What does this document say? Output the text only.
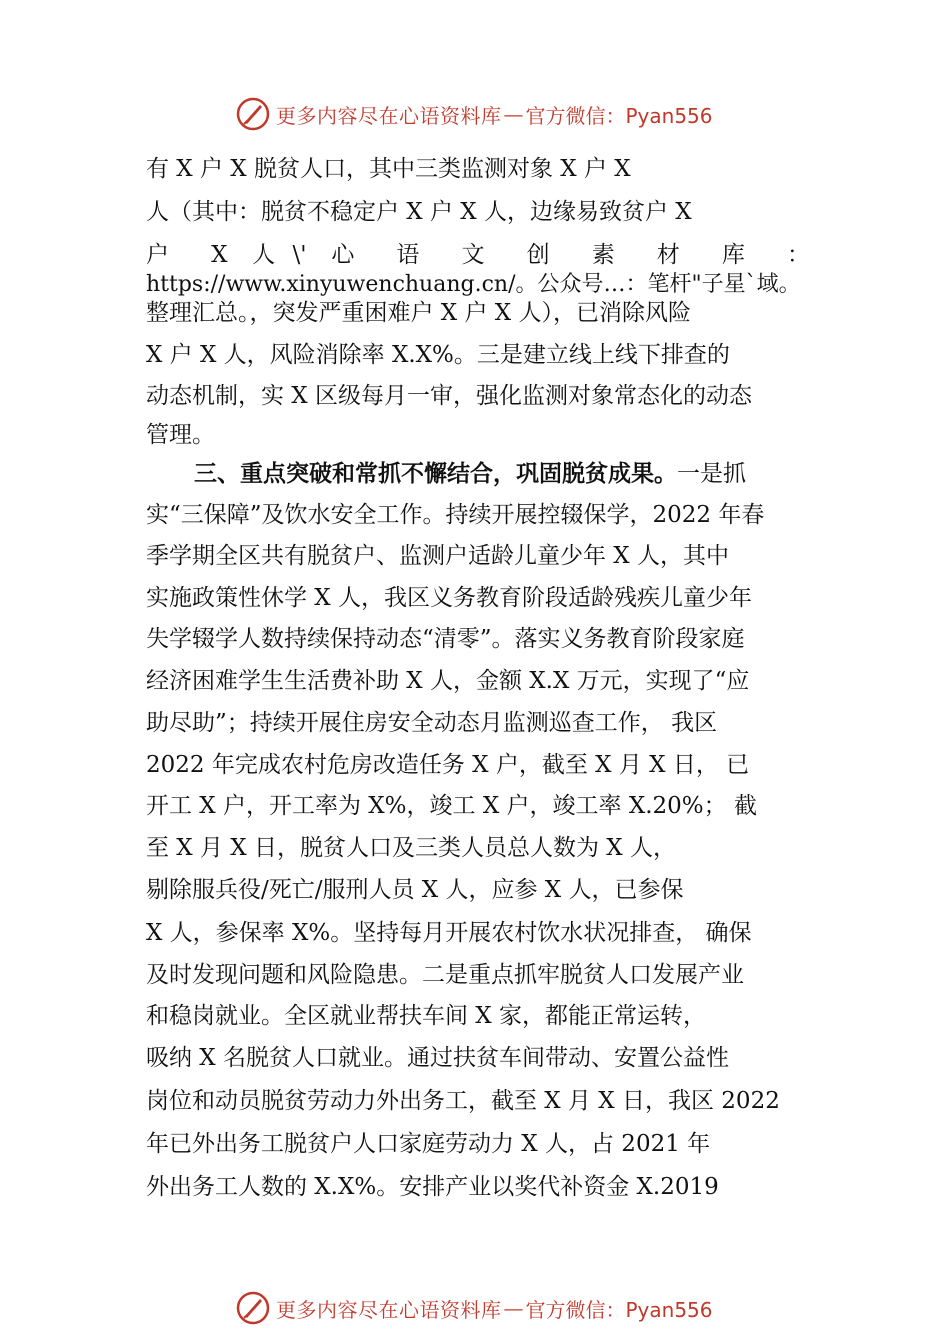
更多内容尽在心语资料库 — 官方微信：Pyan556
有 X 户 X 脱贫人口，其中三类监测对象 X 户 X
人（其中：脱贫不稳定户 X 户 X 人，边缘易致贫户 X
户 X 人\' 心 语 文 创 素 材 库 ：
https://www.xinyuwenchuang.cn/。公众号…：笔杆"子星`域。
整理汇总。，突发严重困难户 X 户 X 人），已消除风险
X 户 X 人，风险消除率 X.X%。三是建立线上线下排查的
动态机制，实 X 区级每月一审，强化监测对象常态化的动态
管理。
三、重点突破和常抓不懈结合，巩固脱贫成果。一是抓
实“三保障”及饮水安全工作。持续开展控辍保学，2022 年春
季学期全区共有脱贫户、监测户适龄儿童少年 X 人，其中
实施政策性休学 X 人，我区义务教育阶段适龄残疾儿童少年
失学辍学人数持续保持动态“清零”。落实义务教育阶段家庭
经济困难学生生活费补助 X 人，金额 X.X 万元，实现了“应
助尽助”；持续开展住房安全动态月监测巡查工作， 我区
2022 年完成农村危房改造任务 X 户，截至 X 月 X 日， 已
开工 X 户，开工率为 X%，竣工 X 户，竣工率 X.20%； 截
至 X 月 X 日，脱贫人口及三类人员总人数为 X 人，
剔除服兵役/死亡/服刑人员 X 人，应参 X 人，已参保
X 人，参保率 X%。坚持每月开展农村饮水状况排查， 确保
及时发现问题和风险隐患。二是重点抓牢脱贫人口发展产业
和稳岗就业。全区就业帮扶车间 X 家，都能正常运转，
吸纳 X 名脱贫人口就业。通过扶贫车间带动、安置公益性
岗位和动员脱贫劳动力外出务工，截至 X 月 X 日，我区 2022
年已外出务工脱贫户人口家庭劳动力 X 人，占 2021 年
外出务工人数的 X.X%。安排产业以奖代补资金 X.2019
更多内容尽在心语资料库 — 官方微信：Pyan556
